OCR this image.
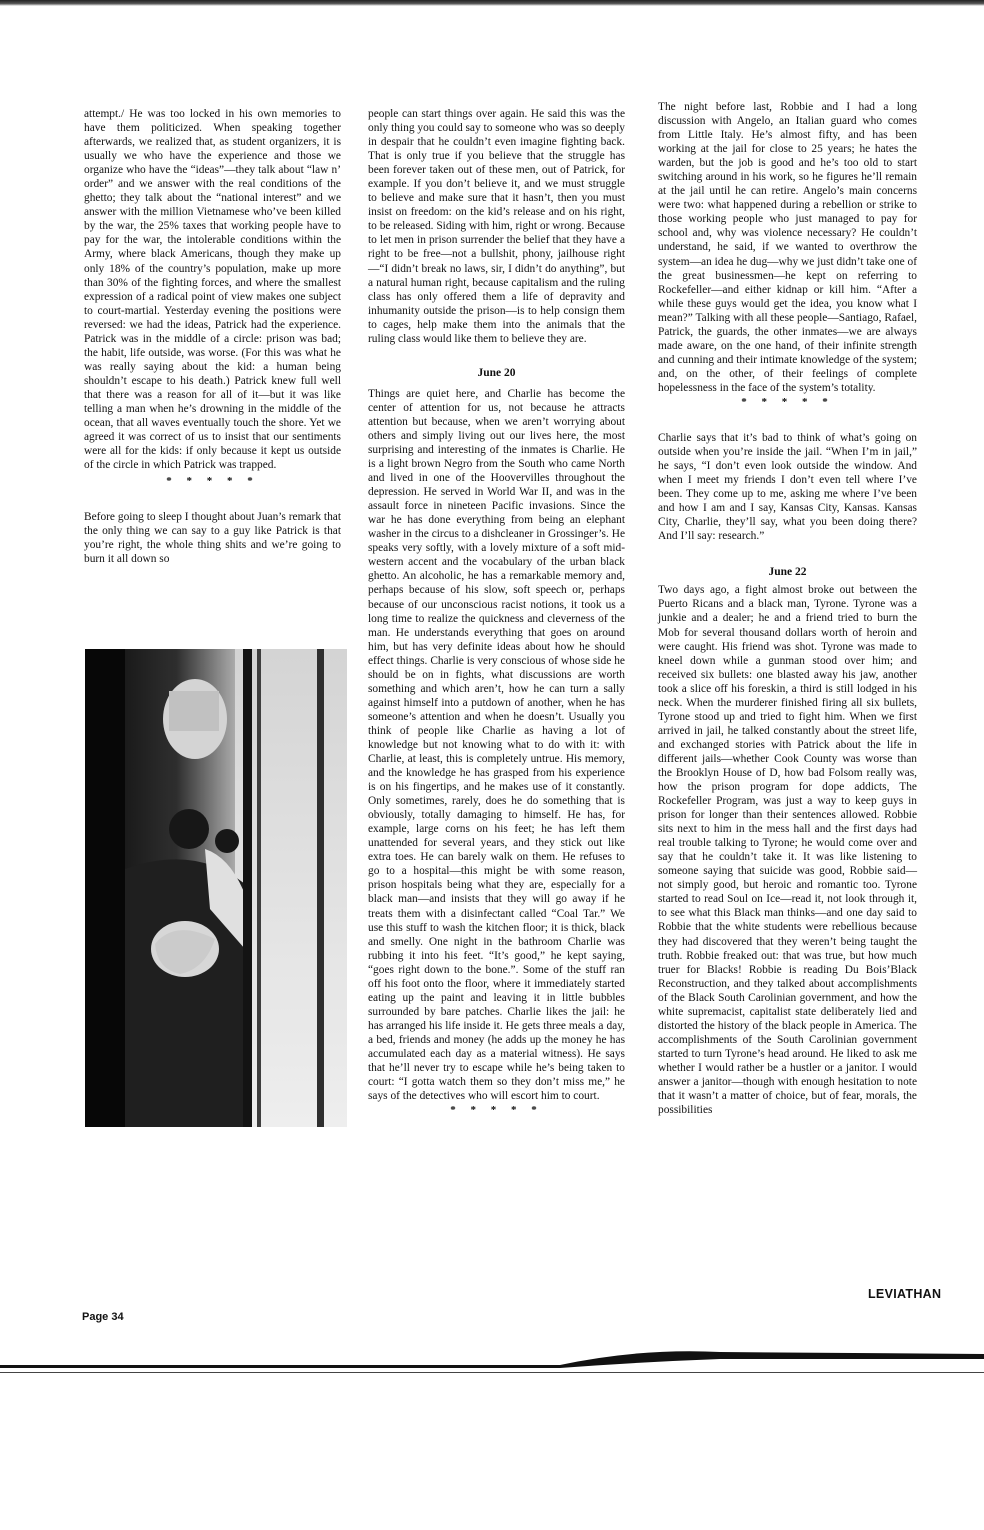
attempt./ He was too locked in his own memories to have them politicized. When speaking together afterwards, we realized that, as student organizers, it is usually we who have the experience and those we organize who have the “ideas”—they talk about “law n’ order” and we answer with the real conditions of the ghetto; they talk about the “national interest” and we answer with the million Vietnamese who’ve been killed by the war, the 25% taxes that working people have to pay for the war, the intolerable conditions within the Army, where black Americans, though they make up only 18% of the country’s population, make up more than 30% of the fighting forces, and where the smallest expression of a radical point of view makes one subject to court-martial. Yesterday evening the positions were reversed: we had the ideas, Patrick had the experience. Patrick was in the middle of a circle: prison was bad; the habit, life outside, was worse. (For this was what he was really saying about the kid: a human being shouldn’t escape to his death.) Patrick knew full well that there was a reason for all of it—but it was like telling a man when he’s drowning in the middle of the ocean, that all waves eventually touch the shore. Yet we agreed it was correct of us to insist that our sentiments were all for the kids: if only because it kept us outside of the circle in which Patrick was trapped.

* * * * *

Before going to sleep I thought about Juan’s remark that the only thing we can say to a guy like Patrick is that you’re right, the whole thing shits and we’re going to burn it all down so

people can start things over again. He said this was the only thing you could say to someone who was so deeply in despair that he couldn’t even imagine fighting back. That is only true if you believe that the struggle has been forever taken out of these men, out of Patrick, for example. If you don’t believe it, and we must struggle to believe and make sure that it hasn’t, then you must insist on freedom: on the kid’s release and on his right, to be released. Siding with him, right or wrong. Because to let men in prison surrender the belief that they have a right to be free—not a bullshit, phony, jailhouse right—“I didn’t break no laws, sir, I didn’t do anything”, but a natural human right, because capitalism and the ruling class has only offered them a life of depravity and inhumanity outside the prison—is to help consign them to cages, help make them into the animals that the ruling class would like them to believe they are.

June 20

Things are quiet here, and Charlie has become the center of attention for us, not because he attracts attention but because, when we aren’t worrying about others and simply living out our lives here, the most surprising and interesting of the inmates is Charlie. He is a light brown Negro from the South who came North and lived in one of the Hoovervilles throughout the depression. He served in World War II, and was in the assault force in nineteen Pacific invasions. Since the war he has done everything from being an elephant washer in the circus to a dishcleaner in Grossinger’s. He speaks very softly, with a lovely mixture of a soft mid-western accent and the vocabulary of the urban black ghetto. An alcoholic, he has a remarkable memory and, perhaps because of his slow, soft speech or, perhaps because of our unconscious racist notions, it took us a long time to realize the quickness and cleverness of the man. He understands everything that goes on around him, but has very definite ideas about how he should effect things. Charlie is very conscious of whose side he should be on in fights, what discussions are worth something and which aren’t, how he can turn a sally against himself into a putdown of another, when he has someone’s attention and when he doesn’t. Usually you think of people like Charlie as having a lot of knowledge but not knowing what to do with it: with Charlie, at least, this is completely untrue. His memory, and the knowledge he has grasped from his experience is on his fingertips, and he makes use of it constantly. Only sometimes, rarely, does he do something that is obviously, totally damaging to himself. He has, for example, large corns on his feet; he has left them unattended for several years, and they stick out like extra toes. He can barely walk on them. He refuses to go to a hospital—this might be with some reason, prison hospitals being what they are, especially for a black man—and insists that they will go away if he treats them with a disinfectant called “Coal Tar.” We use this stuff to wash the kitchen floor; it is thick, black and smelly. One night in the bathroom Charlie was rubbing it into his feet. “It’s good,” he kept saying, “goes right down to the bone.”. Some of the stuff ran off his foot onto the floor, where it immediately started eating up the paint and leaving it in little bubbles surrounded by bare patches. Charlie likes the jail: he has arranged his life inside it. He gets three meals a day, a bed, friends and money (he adds up the money he has accumulated each day as a material witness). He says that he’ll never try to escape while he’s being taken to court: “I gotta watch them so they don’t miss me,” he says of the detectives who will escort him to court.

* * * * *

The night before last, Robbie and I had a long discussion with Angelo, an Italian guard who comes from Little Italy. He’s almost fifty, and has been working at the jail for close to 25 years; he hates the warden, but the job is good and he’s too old to start switching around in his work, so he figures he’ll remain at the jail until he can retire. Angelo’s main concerns were two: what happened during a rebellion or strike to those working people who just managed to pay for school and, why was violence necessary? He couldn’t understand, he said, if we wanted to overthrow the system—an idea he dug—why we just didn’t take one of the great businessmen—he kept on referring to Rockefeller—and either kidnap or kill him. “After a while these guys would get the idea, you know what I mean?” Talking with all these people—Santiago, Rafael, Patrick, the guards, the other inmates—we are always made aware, on the one hand, of their infinite strength and cunning and their intimate knowledge of the system; and, on the other, of their feelings of complete hopelessness in the face of the system’s totality.

* * * * *

Charlie says that it’s bad to think of what’s going on outside when you’re inside the jail. “When I’m in jail,” he says, “I don’t even look outside the window. And when I meet my friends I don’t even tell where I’ve been. They come up to me, asking me where I’ve been and how I am and I say, Kansas City, Kansas. Kansas City, Charlie, they’ll say, what you been doing there? And I’ll say: research.”

June 22

Two days ago, a fight almost broke out between the Puerto Ricans and a black man, Tyrone. Tyrone was a junkie and a dealer; he and a friend tried to burn the Mob for several thousand dollars worth of heroin and were caught. His friend was shot. Tyrone was made to kneel down while a gunman stood over him; and received six bullets: one blasted away his jaw, another took a slice off his foreskin, a third is still lodged in his neck. When the murderer finished firing all six bullets, Tyrone stood up and tried to fight him. When we first arrived in jail, he talked constantly about the street life, and exchanged stories with Patrick about the life in different jails—whether Cook County was worse than the Brooklyn House of D, how bad Folsom really was, how the prison program for dope addicts, The Rockefeller Program, was just a way to keep guys in prison for longer than their sentences allowed. Robbie sits next to him in the mess hall and the first days had real trouble talking to Tyrone; he would come over and say that he couldn’t take it. It was like listening to someone saying that suicide was good, Robbie said—not simply good, but heroic and romantic too. Tyrone started to read Soul on Ice—read it, not look through it, to see what this Black man thinks—and one day said to Robbie that the white students were rebellious because they had discovered that they weren’t being taught the truth. Robbie freaked out: that was true, but how much truer for Blacks! Robbie is reading Du Bois’Black Reconstruction, and they talked about accomplishments of the Black South Carolinian government, and how the white supremacist, capitalist state deliberately lied and distorted the history of the black people in America. The accomplishments of the South Carolinian government started to turn Tyrone’s head around. He liked to ask me whether I would rather be a hustler or a janitor. I would answer a janitor—though with enough hesitation to note that it wasn’t a matter of choice, but of fear, morals, the possibilities

Page 34
LEVIATHAN
